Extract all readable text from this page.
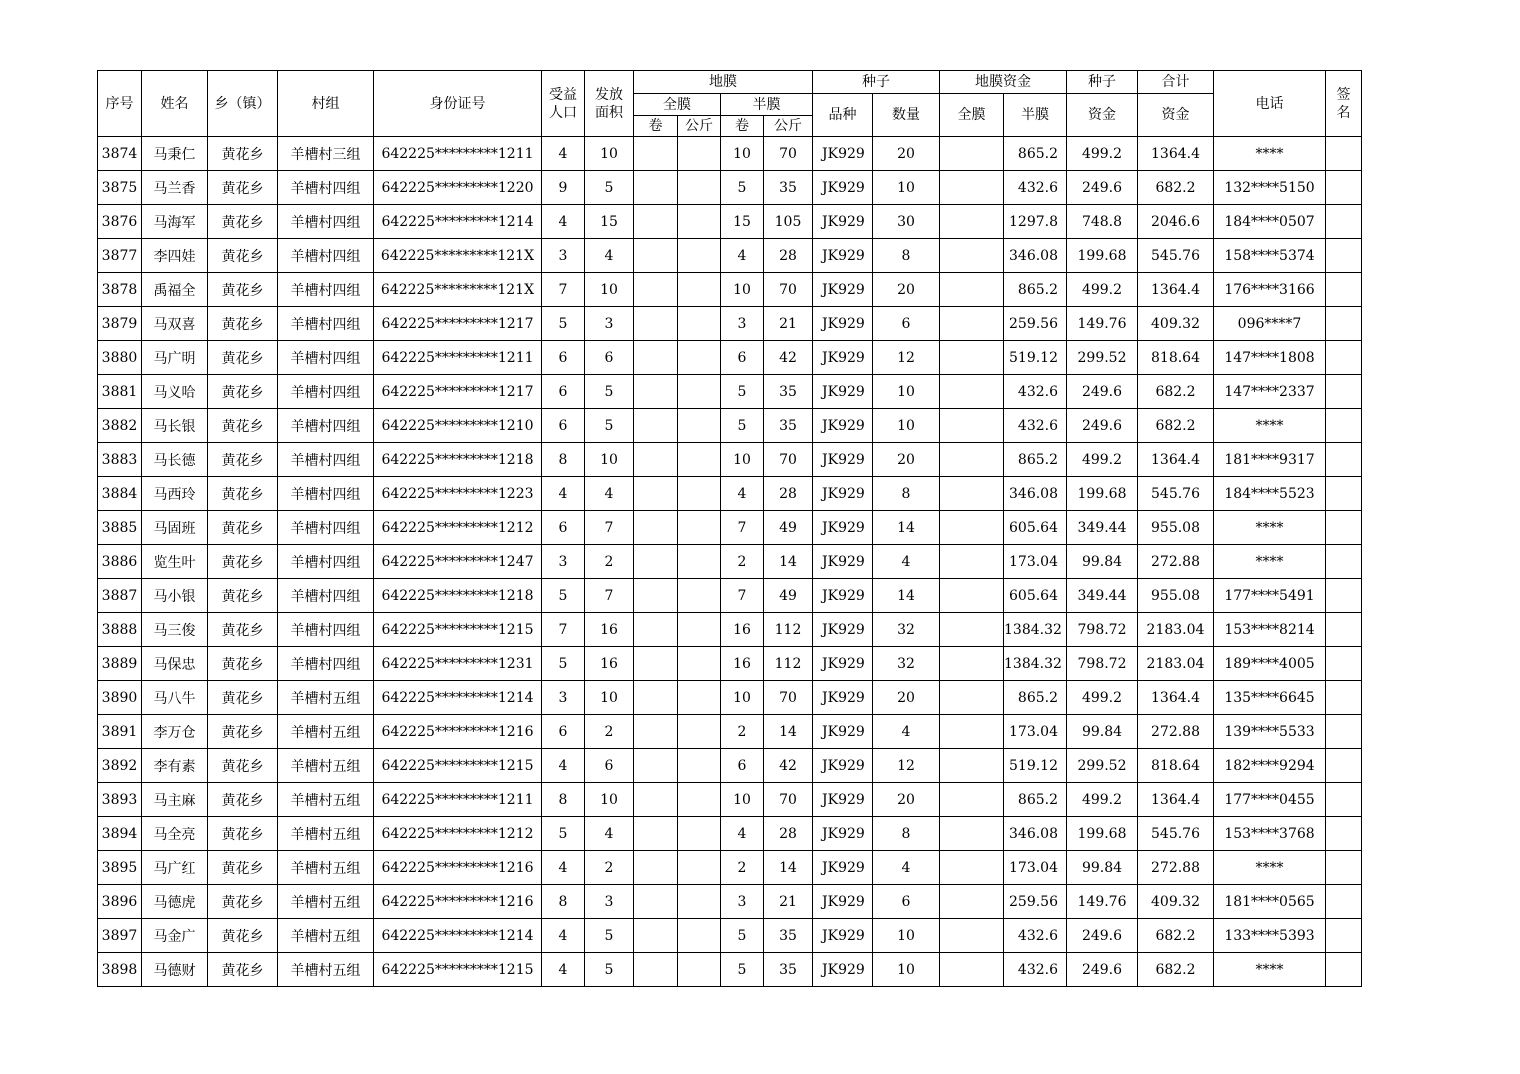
序号	姓名	乡（镇）	村组	身份证号	受益人口	发放面积	地膜				种子		地膜资金		种子	合计	电话	签名
							全膜		半膜		品种	数量	全膜	半膜	资金	资金		
							卷	公斤	卷	公斤								
3874	马秉仁	黄花乡	羊槽村三组	642225*********1211	4	10			10	70	JK929	20		865.2	499.2	1364.4	****	
3875	马兰香	黄花乡	羊槽村四组	642225*********1220	9	5			5	35	JK929	10		432.6	249.6	682.2	132****5150	
3876	马海军	黄花乡	羊槽村四组	642225*********1214	4	15			15	105	JK929	30		1297.8	748.8	2046.6	184****0507	
3877	李四娃	黄花乡	羊槽村四组	642225*********121X	3	4			4	28	JK929	8		346.08	199.68	545.76	158****5374	
3878	禹福全	黄花乡	羊槽村四组	642225*********121X	7	10			10	70	JK929	20		865.2	499.2	1364.4	176****3166	
3879	马双喜	黄花乡	羊槽村四组	642225*********1217	5	3			3	21	JK929	6		259.56	149.76	409.32	096****7	
3880	马广明	黄花乡	羊槽村四组	642225*********1211	6	6			6	42	JK929	12		519.12	299.52	818.64	147****1808	
3881	马义哈	黄花乡	羊槽村四组	642225*********1217	6	5			5	35	JK929	10		432.6	249.6	682.2	147****2337	
3882	马长银	黄花乡	羊槽村四组	642225*********1210	6	5			5	35	JK929	10		432.6	249.6	682.2	****	
3883	马长德	黄花乡	羊槽村四组	642225*********1218	8	10			10	70	JK929	20		865.2	499.2	1364.4	181****9317	
3884	马西玲	黄花乡	羊槽村四组	642225*********1223	4	4			4	28	JK929	8		346.08	199.68	545.76	184****5523	
3885	马固班	黄花乡	羊槽村四组	642225*********1212	6	7			7	49	JK929	14		605.64	349.44	955.08	****	
3886	览生叶	黄花乡	羊槽村四组	642225*********1247	3	2			2	14	JK929	4		173.04	99.84	272.88	****	
3887	马小银	黄花乡	羊槽村四组	642225*********1218	5	7			7	49	JK929	14		605.64	349.44	955.08	177****5491	
3888	马三俊	黄花乡	羊槽村四组	642225*********1215	7	16			16	112	JK929	32		1384.32	798.72	2183.04	153****8214	
3889	马保忠	黄花乡	羊槽村四组	642225*********1231	5	16			16	112	JK929	32		1384.32	798.72	2183.04	189****4005	
3890	马八牛	黄花乡	羊槽村五组	642225*********1214	3	10			10	70	JK929	20		865.2	499.2	1364.4	135****6645	
3891	李万仓	黄花乡	羊槽村五组	642225*********1216	6	2			2	14	JK929	4		173.04	99.84	272.88	139****5533	
3892	李有素	黄花乡	羊槽村五组	642225*********1215	4	6			6	42	JK929	12		519.12	299.52	818.64	182****9294	
3893	马主麻	黄花乡	羊槽村五组	642225*********1211	8	10			10	70	JK929	20		865.2	499.2	1364.4	177****0455	
3894	马全亮	黄花乡	羊槽村五组	642225*********1212	5	4			4	28	JK929	8		346.08	199.68	545.76	153****3768	
3895	马广红	黄花乡	羊槽村五组	642225*********1216	4	2			2	14	JK929	4		173.04	99.84	272.88	****	
3896	马德虎	黄花乡	羊槽村五组	642225*********1216	8	3			3	21	JK929	6		259.56	149.76	409.32	181****0565	
3897	马金广	黄花乡	羊槽村五组	642225*********1214	4	5			5	35	JK929	10		432.6	249.6	682.2	133****5393	
3898	马德财	黄花乡	羊槽村五组	642225*********1215	4	5			5	35	JK929	10		432.6	249.6	682.2	****	
